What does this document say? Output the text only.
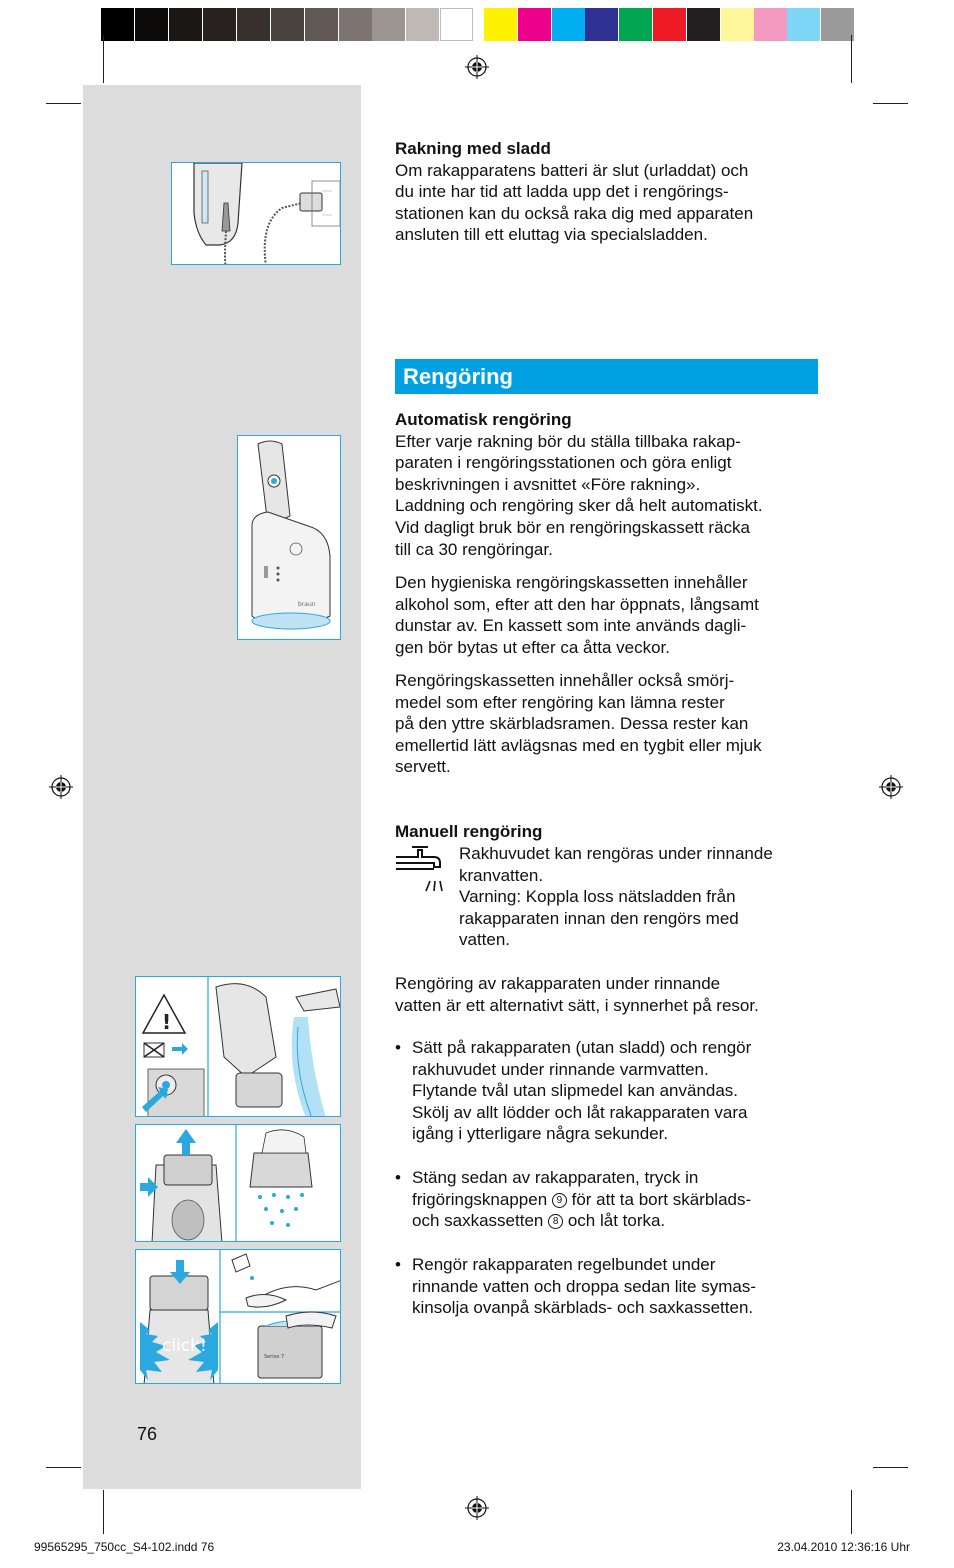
braun
!
click!
Series 7

Rakning med sladd

Om rakapparatens batteri är slut (urladdat) och

du inte har tid att ladda upp det i rengörings-

stationen kan du också raka dig med apparaten

ansluten till ett eluttag via specialsladden.

Rengöring

Automatisk rengöring

Efter varje rakning bör du ställa tillbaka rakap-

paraten i rengöringsstationen och göra enligt

beskrivningen i avsnittet «Före rakning».

Laddning och rengöring sker då helt automatiskt.

Vid dagligt bruk bör en rengöringskassett räcka

till ca 30 rengöringar.

Den hygieniska rengöringskassetten innehåller

alkohol som, efter att den har öppnats, långsamt

dunstar av. En kassett som inte används dagli-

gen bör bytas ut efter ca åtta veckor.

Rengöringskassetten innehåller också smörj-

medel som efter rengöring kan lämna rester

på den yttre skärbladsramen. Dessa rester kan

emellertid lätt avlägsnas med en tygbit eller mjuk

servett.

Manuell rengöring

Rakhuvudet kan rengöras under rinnande
kranvatten.
Varning: Koppla loss nätsladden från
rakapparaten innan den rengörs med
vatten.

Rengöring av rakapparaten under rinnande

vatten är ett alternativt sätt, i synnerhet på resor.

• Sätt på rakapparaten (utan sladd) och rengör
rakhuvudet under rinnande varmvatten.
Flytande tvål utan slipmedel kan användas.
Skölj av allt lödder och låt rakapparaten vara
igång i ytterligare några sekunder.
• Stäng sedan av rakapparaten, tryck in
frigöringsknappen 9 för att ta bort skärblads-
och saxkassetten 8 och låt torka.
• Rengör rakapparaten regelbundet under
rinnande vatten och droppa sedan lite symas-
kinsolja ovanpå skärblads- och saxkassetten.
76
99565295_750cc_S4-102.indd 76	23.04.2010 12:36:16 Uhr
